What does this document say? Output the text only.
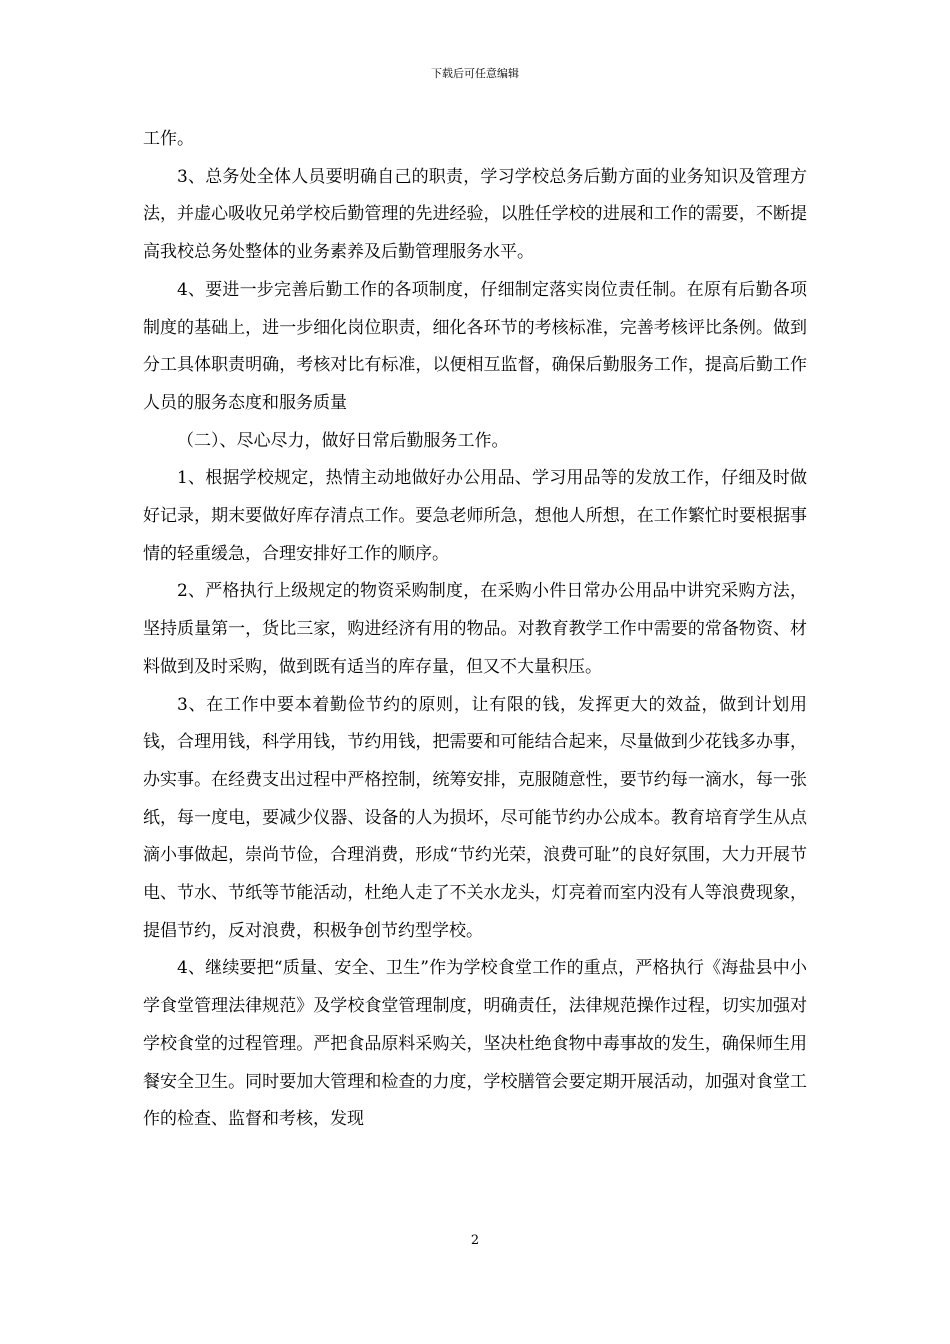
下载后可任意编辑

工作。

3、总务处全体人员要明确自己的职责，学习学校总务后勤方面的业务知识及管理方法，并虚心吸收兄弟学校后勤管理的先进经验，以胜任学校的进展和工作的需要，不断提高我校总务处整体的业务素养及后勤管理服务水平。

4、要进一步完善后勤工作的各项制度，仔细制定落实岗位责任制。在原有后勤各项制度的基础上，进一步细化岗位职责，细化各环节的考核标准，完善考核评比条例。做到分工具体职责明确，考核对比有标准，以便相互监督，确保后勤服务工作，提高后勤工作人员的服务态度和服务质量

（二）、尽心尽力，做好日常后勤服务工作。

1、根据学校规定，热情主动地做好办公用品、学习用品等的发放工作，仔细及时做好记录，期末要做好库存清点工作。要急老师所急，想他人所想，在工作繁忙时要根据事情的轻重缓急，合理安排好工作的顺序。

2、严格执行上级规定的物资采购制度，在采购小件日常办公用品中讲究采购方法，坚持质量第一，货比三家，购进经济有用的物品。对教育教学工作中需要的常备物资、材料做到及时采购，做到既有适当的库存量，但又不大量积压。

3、在工作中要本着勤俭节约的原则，让有限的钱，发挥更大的效益，做到计划用钱，合理用钱，科学用钱，节约用钱，把需要和可能结合起来，尽量做到少花钱多办事，办实事。在经费支出过程中严格控制，统筹安排，克服随意性，要节约每一滴水，每一张纸，每一度电，要减少仪器、设备的人为损坏，尽可能节约办公成本。教育培育学生从点滴小事做起，崇尚节俭，合理消费，形成“节约光荣，浪费可耻”的良好氛围，大力开展节电、节水、节纸等节能活动，杜绝人走了不关水龙头，灯亮着而室内没有人等浪费现象，提倡节约，反对浪费，积极争创节约型学校。

4、继续要把“质量、安全、卫生”作为学校食堂工作的重点，严格执行《海盐县中小学食堂管理法律规范》及学校食堂管理制度，明确责任，法律规范操作过程，切实加强对学校食堂的过程管理。严把食品原料采购关，坚决杜绝食物中毒事故的发生，确保师生用餐安全卫生。同时要加大管理和检查的力度，学校膳管会要定期开展活动，加强对食堂工作的检查、监督和考核，发现

2
